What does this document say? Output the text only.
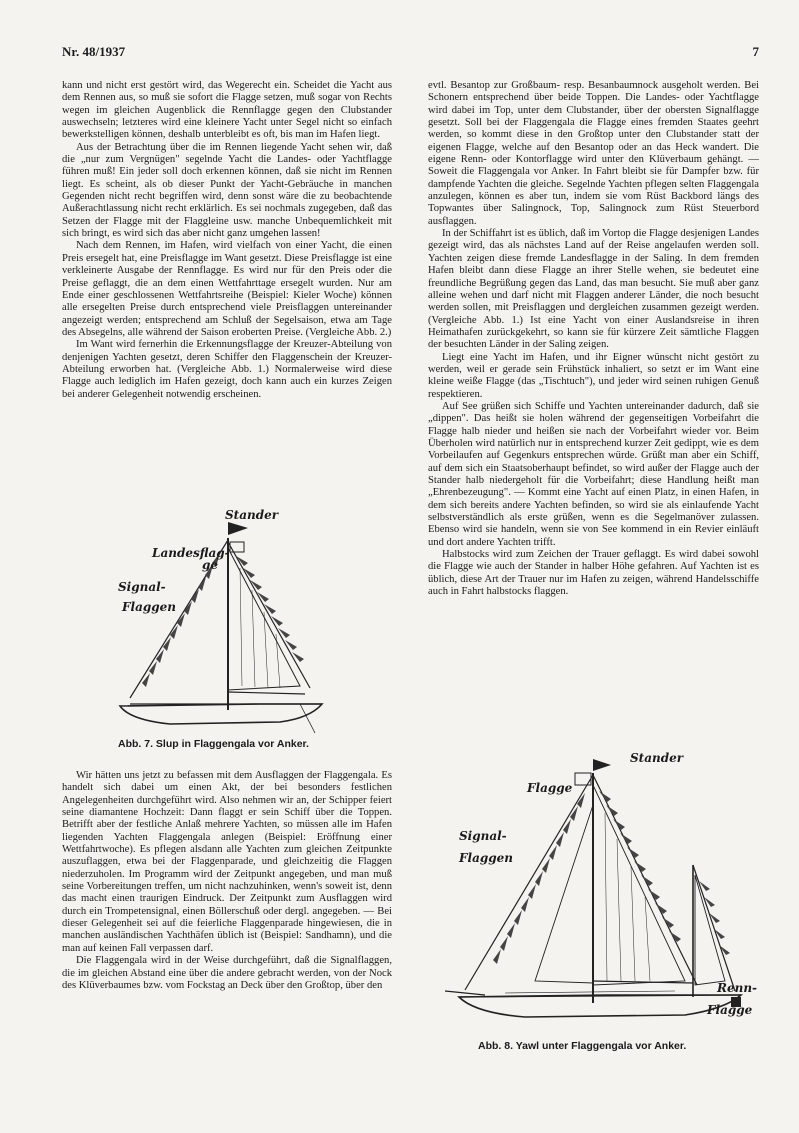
Nr. 48/1937	7

kann und nicht erst gestört wird, das Wegerecht ein. Scheidet die Yacht aus dem Rennen aus, so muß sie sofort die Flagge setzen, muß sogar von Rechts wegen im gleichen Augenblick die Rennflagge gegen den Clubstander auswechseln; letzteres wird eine kleinere Yacht unter Segel nicht so einfach bewerkstelligen können, deshalb unterbleibt es oft, bis man im Hafen liegt.

Aus der Betrachtung über die im Rennen liegende Yacht sehen wir, daß die „nur zum Vergnügen" segelnde Yacht die Landes- oder Yachtflagge führen muß! Ein jeder soll doch erkennen können, daß sie nicht im Rennen liegt. Es scheint, als ob dieser Punkt der Yacht-Gebräuche in manchen Gegenden nicht recht begriffen wird, denn sonst wäre die zu beobachtende Außerachtlassung nicht recht erklärlich. Es sei nochmals zugegeben, daß das Setzen der Flagge mit der Flaggleine usw. manche Unbequemlichkeit mit sich bringt, es wird sich das aber nicht ganz umgehen lassen!

Nach dem Rennen, im Hafen, wird vielfach von einer Yacht, die einen Preis ersegelt hat, eine Preisflagge im Want gesetzt. Diese Preisflagge ist eine verkleinerte Ausgabe der Rennflagge. Es wird nur für den Preis oder die Preise geflaggt, die an dem einen Wettfahrttage ersegelt wurden. Nur am Ende einer geschlossenen Wettfahrtsreihe (Beispiel: Kieler Woche) können alle ersegelten Preise durch entsprechend viele Preisflaggen untereinander angezeigt werden; entsprechend am Schluß der Segelsaison, etwa am Tage des Absegelns, alle während der Saison eroberten Preise. (Vergleiche Abb. 2.)

Im Want wird fernerhin die Erkennungsflagge der Kreuzer-Abteilung von denjenigen Yachten gesetzt, deren Schiffer den Flaggenschein der Kreuzer-Abteilung erworben hat. (Vergleiche Abb. 1.) Normalerweise wird diese Flagge auch lediglich im Hafen gezeigt, doch kann auch ein kurzes Zeigen bei anderer Gelegenheit notwendig erscheinen.

Stander
Landesflag-
ge
Signal-
Flaggen
Abb. 7. Slup in Flaggengala vor Anker.

Wir hätten uns jetzt zu befassen mit dem Ausflaggen der Flaggengala. Es handelt sich dabei um einen Akt, der bei besonders festlichen Angelegenheiten durchgeführt wird. Also nehmen wir an, der Schipper feiert seine diamantene Hochzeit: Dann flaggt er sein Schiff über die Toppen. Betrifft aber der festliche Anlaß mehrere Yachten, so müssen alle im Hafen liegenden Yachten Flaggengala anlegen (Beispiel: Eröffnung einer Wettfahrtwoche). Es pflegen alsdann alle Yachten zum gleichen Zeitpunkte auszuflaggen, etwa bei der Flaggenparade, und gleichzeitig die Flaggen niederzuholen. Im Programm wird der Zeitpunkt angegeben, und man muß seine Vorbereitungen treffen, um nicht nachzuhinken, wenn's soweit ist, denn das macht einen traurigen Eindruck. Der Zeitpunkt zum Ausflaggen wird durch ein Trompetensignal, einen Böllerschuß oder dergl. angegeben. — Bei dieser Gelegenheit sei auf die feierliche Flaggenparade hingewiesen, die in manchen ausländischen Yachthäfen üblich ist (Beispiel: Sandhamn), und die man auf keinen Fall verpassen darf.

Die Flaggengala wird in der Weise durchgeführt, daß die Signalflaggen, die im gleichen Abstand eine über die andere gebracht werden, von der Nock des Klüverbaumes bzw. vom Fockstag an Deck über den Großtop, über den

evtl. Besantop zur Großbaum- resp. Besanbaumnock ausgeholt werden. Bei Schonern entsprechend über beide Toppen. Die Landes- oder Yachtflagge wird dabei im Top, unter dem Clubstander, über der obersten Signalflagge gesetzt. Soll bei der Flaggengala die Flagge eines fremden Staates geehrt werden, so kommt diese in den Großtop unter den Clubstander statt der eigenen Flagge, welche auf den Besantop oder an das Heck wandert. Die eigene Renn- oder Kontorflagge wird unter den Klüverbaum gehängt. — Soweit die Flaggengala vor Anker. In Fahrt bleibt sie für Dampfer bzw. für dampfende Yachten die gleiche. Segelnde Yachten pflegen selten Flaggengala anzulegen, können es aber tun, indem sie vom Rüst Backbord längs des Topwantes über Salingnock, Top, Salingnock zum Rüst Steuerbord ausflaggen.

In der Schiffahrt ist es üblich, daß im Vortop die Flagge desjenigen Landes gezeigt wird, das als nächstes Land auf der Reise angelaufen werden soll. Yachten zeigen diese fremde Landesflagge in der Saling. In dem fremden Hafen bleibt dann diese Flagge an ihrer Stelle wehen, sie bedeutet eine freundliche Begrüßung gegen das Land, das man besucht. Sie muß aber ganz alleine wehen und darf nicht mit Flaggen anderer Länder, die noch besucht werden sollen, mit Preisflaggen und dergleichen zusammen gezeigt werden. (Vergleiche Abb. 1.) Ist eine Yacht von einer Auslandsreise in ihren Heimathafen zurückgekehrt, so kann sie für kürzere Zeit sämtliche Flaggen der besuchten Länder in der Saling zeigen.

Liegt eine Yacht im Hafen, und ihr Eigner wünscht nicht gestört zu werden, weil er gerade sein Frühstück inhaliert, so setzt er im Want eine kleine weiße Flagge (das „Tischtuch"), und jeder wird seinen ruhigen Genuß respektieren.

Auf See grüßen sich Schiffe und Yachten untereinander dadurch, daß sie „dippen". Das heißt sie holen während der gegenseitigen Vorbeifahrt die Flagge halb nieder und heißen sie nach der Vorbeifahrt wieder vor. Beim Überholen wird natürlich nur in entsprechend kurzer Zeit gedippt, wie es dem Vorbeilaufen auf Gegenkurs entsprechen würde. Grüßt man aber ein Schiff, auf dem sich ein Staatsoberhaupt befindet, so wird außer der Flagge auch der Stander halb niedergeholt für die Vorbeifahrt; diese Handlung heißt man „Ehrenbezeugung". — Kommt eine Yacht auf einen Platz, in einen Hafen, in dem sich bereits andere Yachten befinden, so wird sie als einlaufende Yacht selbstverständlich als erste grüßen, wenn es die Segelmanöver zulassen. Ebenso wird sie handeln, wenn sie von See kommend in ein Revier einläuft und dort andere Yachten trifft.

Halbstocks wird zum Zeichen der Trauer geflaggt. Es wird dabei sowohl die Flagge wie auch der Stander in halber Höhe gefahren. Auf Yachten ist es üblich, diese Art der Trauer nur im Hafen zu zeigen, während Handelsschiffe auch in Fahrt halbstocks flaggen.

Stander
Flagge
Signal-
Flaggen
Renn-
Flagge
Abb. 8. Yawl unter Flaggengala vor Anker.
